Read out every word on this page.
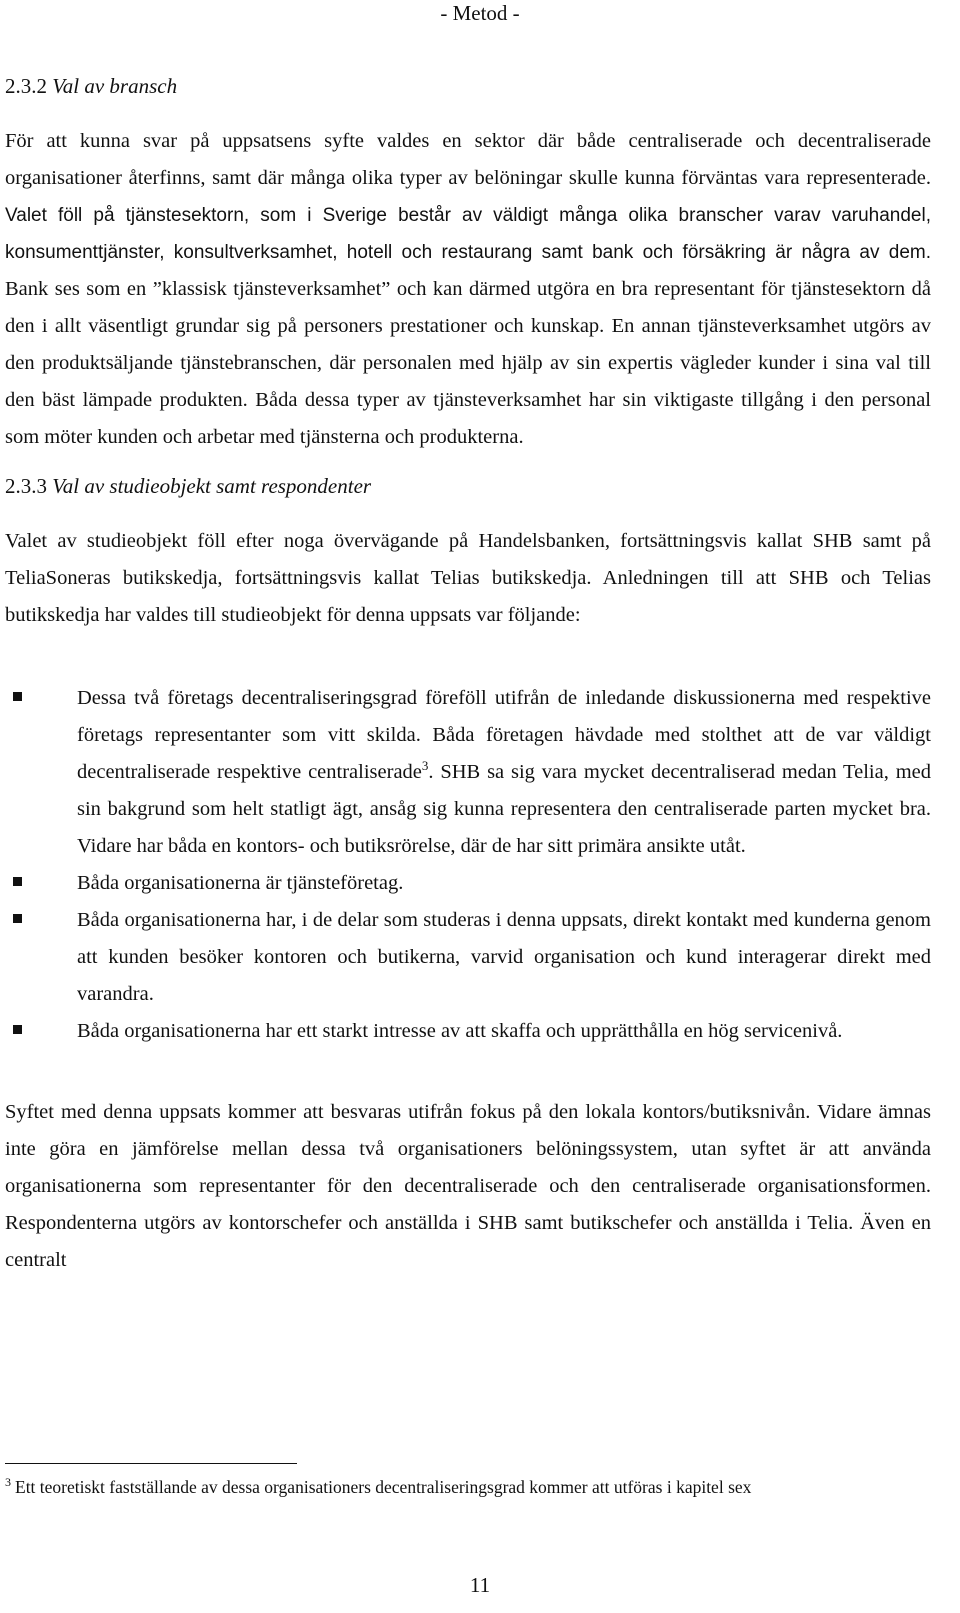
- Metod -
2.3.2 Val av bransch

För att kunna svar på uppsatsens syfte valdes en sektor där både centraliserade och decentraliserade organisationer återfinns, samt där många olika typer av belöningar skulle kunna förväntas vara representerade. Valet föll på tjänstesektorn, som i Sverige består av väldigt många olika branscher varav varuhandel, konsumenttjänster, konsultverksamhet, hotell och restaurang samt bank och försäkring är några av dem. Bank ses som en ”klassisk tjänsteverksamhet” och kan därmed utgöra en bra representant för tjänstesektorn då den i allt väsentligt grundar sig på personers prestationer och kunskap. En annan tjänsteverksamhet utgörs av den produktsäljande tjänstebranschen, där personalen med hjälp av sin expertis vägleder kunder i sina val till den bäst lämpade produkten. Båda dessa typer av tjänsteverksamhet har sin viktigaste tillgång i den personal som möter kunden och arbetar med tjänsterna och produkterna.

2.3.3 Val av studieobjekt samt respondenter

Valet av studieobjekt föll efter noga övervägande på Handelsbanken, fortsättningsvis kallat SHB samt på TeliaSoneras butikskedja, fortsättningsvis kallat Telias butikskedja. Anledningen till att SHB och Telias butikskedja har valdes till studieobjekt för denna uppsats var följande:

Dessa två företags decentraliseringsgrad föreföll utifrån de inledande diskussionerna med respektive företags representanter som vitt skilda. Båda företagen hävdade med stolthet att de var väldigt decentraliserade respektive centraliserade$^3$. SHB sa sig vara mycket decentraliserad medan Telia, med sin bakgrund som helt statligt ägt, ansåg sig kunna representera den centraliserade parten mycket bra. Vidare har båda en kontors- och butiksrörelse, där de har sitt primära ansikte utåt.
Båda organisationerna är tjänsteföretag.
Båda organisationerna har, i de delar som studeras i denna uppsats, direkt kontakt med kunderna genom att kunden besöker kontoren och butikerna, varvid organisation och kund interagerar direkt med varandra.
Båda organisationerna har ett starkt intresse av att skaffa och upprätthålla en hög servicenivå.

Syftet med denna uppsats kommer att besvaras utifrån fokus på den lokala kontors/butiksnivån. Vidare ämnas inte göra en jämförelse mellan dessa två organisationers belöningssystem, utan syftet är att använda organisationerna som representanter för den decentraliserade och den centraliserade organisationsformen. Respondenterna utgörs av kontorschefer och anställda i SHB samt butikschefer och anställda i Telia. Även en centralt

$^3$ Ett teoretiskt fastställande av dessa organisationers decentraliseringsgrad kommer att utföras i kapitel sex
11
